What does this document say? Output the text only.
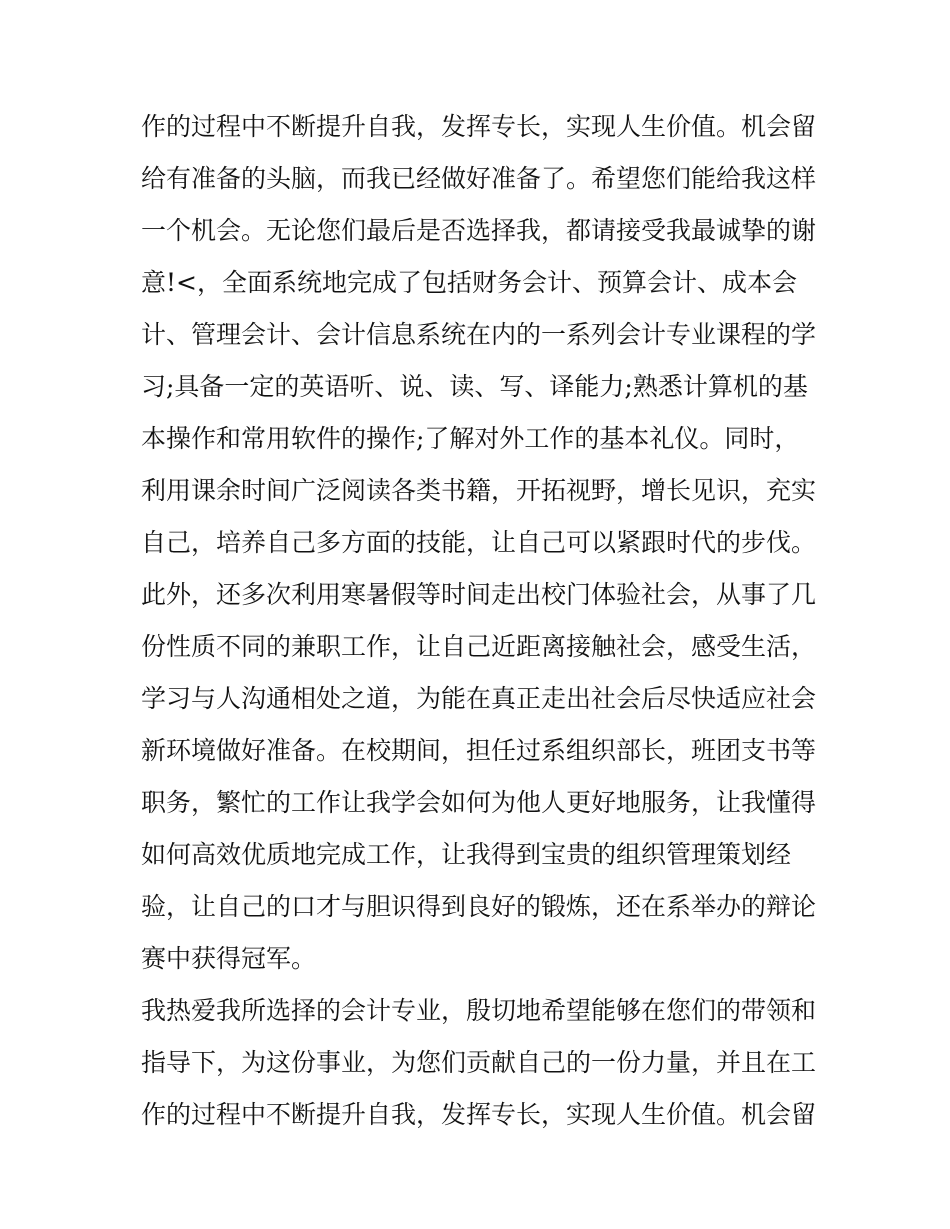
作的过程中不断提升自我，发挥专长，实现人生价值。机会留
给有准备的头脑，而我已经做好准备了。希望您们能给我这样
一个机会。无论您们最后是否选择我，都请接受我最诚挚的谢
意!<，全面系统地完成了包括财务会计、预算会计、成本会
计、管理会计、会计信息系统在内的一系列会计专业课程的学
习;具备一定的英语听、说、读、写、译能力;熟悉计算机的基
本操作和常用软件的操作;了解对外工作的基本礼仪。同时，
利用课余时间广泛阅读各类书籍，开拓视野，增长见识，充实
自己，培养自己多方面的技能，让自己可以紧跟时代的步伐。
此外，还多次利用寒暑假等时间走出校门体验社会，从事了几
份性质不同的兼职工作，让自己近距离接触社会，感受生活，
学习与人沟通相处之道，为能在真正走出社会后尽快适应社会
新环境做好准备。在校期间，担任过系组织部长，班团支书等
职务，繁忙的工作让我学会如何为他人更好地服务，让我懂得
如何高效优质地完成工作，让我得到宝贵的组织管理策划经
验，让自己的口才与胆识得到良好的锻炼，还在系举办的辩论
赛中获得冠军。
我热爱我所选择的会计专业，殷切地希望能够在您们的带领和
指导下，为这份事业，为您们贡献自己的一份力量，并且在工
作的过程中不断提升自我，发挥专长，实现人生价值。机会留
